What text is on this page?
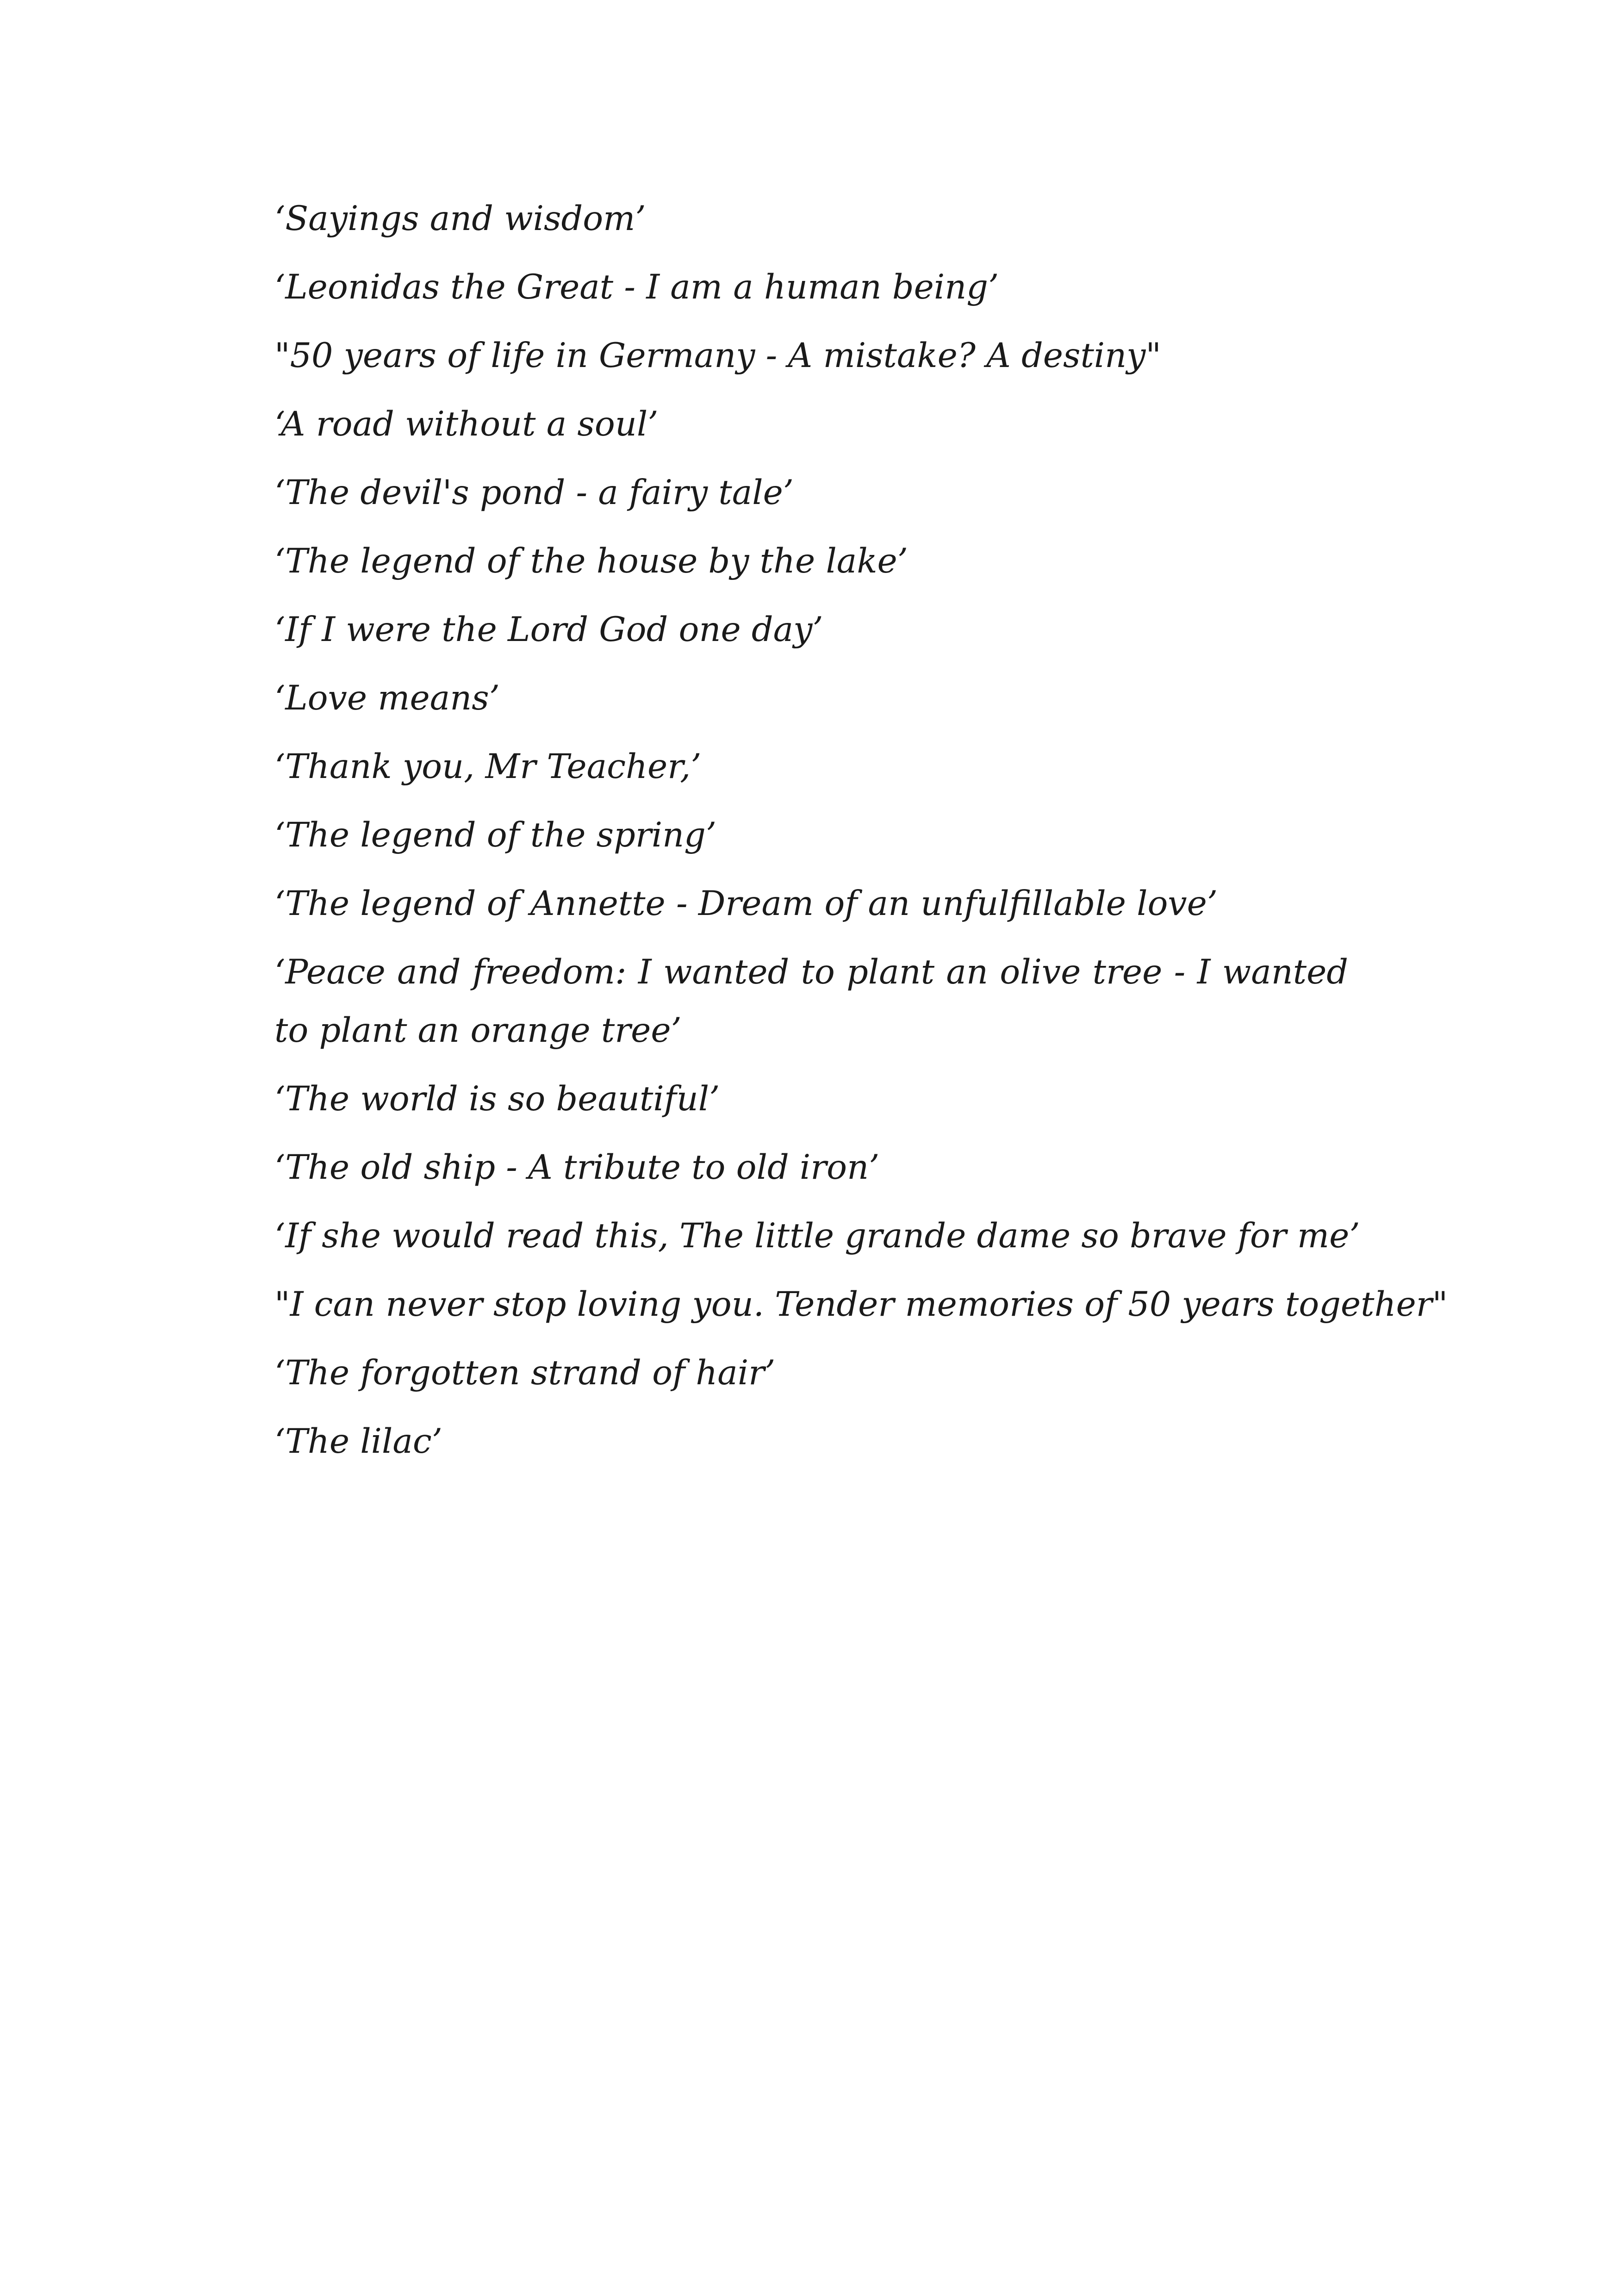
‘Sayings and wisdom’
‘Leonidas the Great - I am a human being’
"50 years of life in Germany - A mistake? A destiny"
‘A road without a soul’
‘The devil's pond - a fairy tale’
‘The legend of the house by the lake’
‘If I were the Lord God one day’
‘Love means’
‘Thank you, Mr Teacher,’
‘The legend of the spring’
‘The legend of Annette - Dream of an unfulfillable love’
‘Peace and freedom: I wanted to plant an olive tree - I wanted to plant an orange tree’
‘The world is so beautiful’
‘The old ship - A tribute to old iron’
‘If she would read this, The little grande dame so brave for me’
"I can never stop loving you. Tender memories of 50 years together"
‘The forgotten strand of hair’
‘The lilac’
